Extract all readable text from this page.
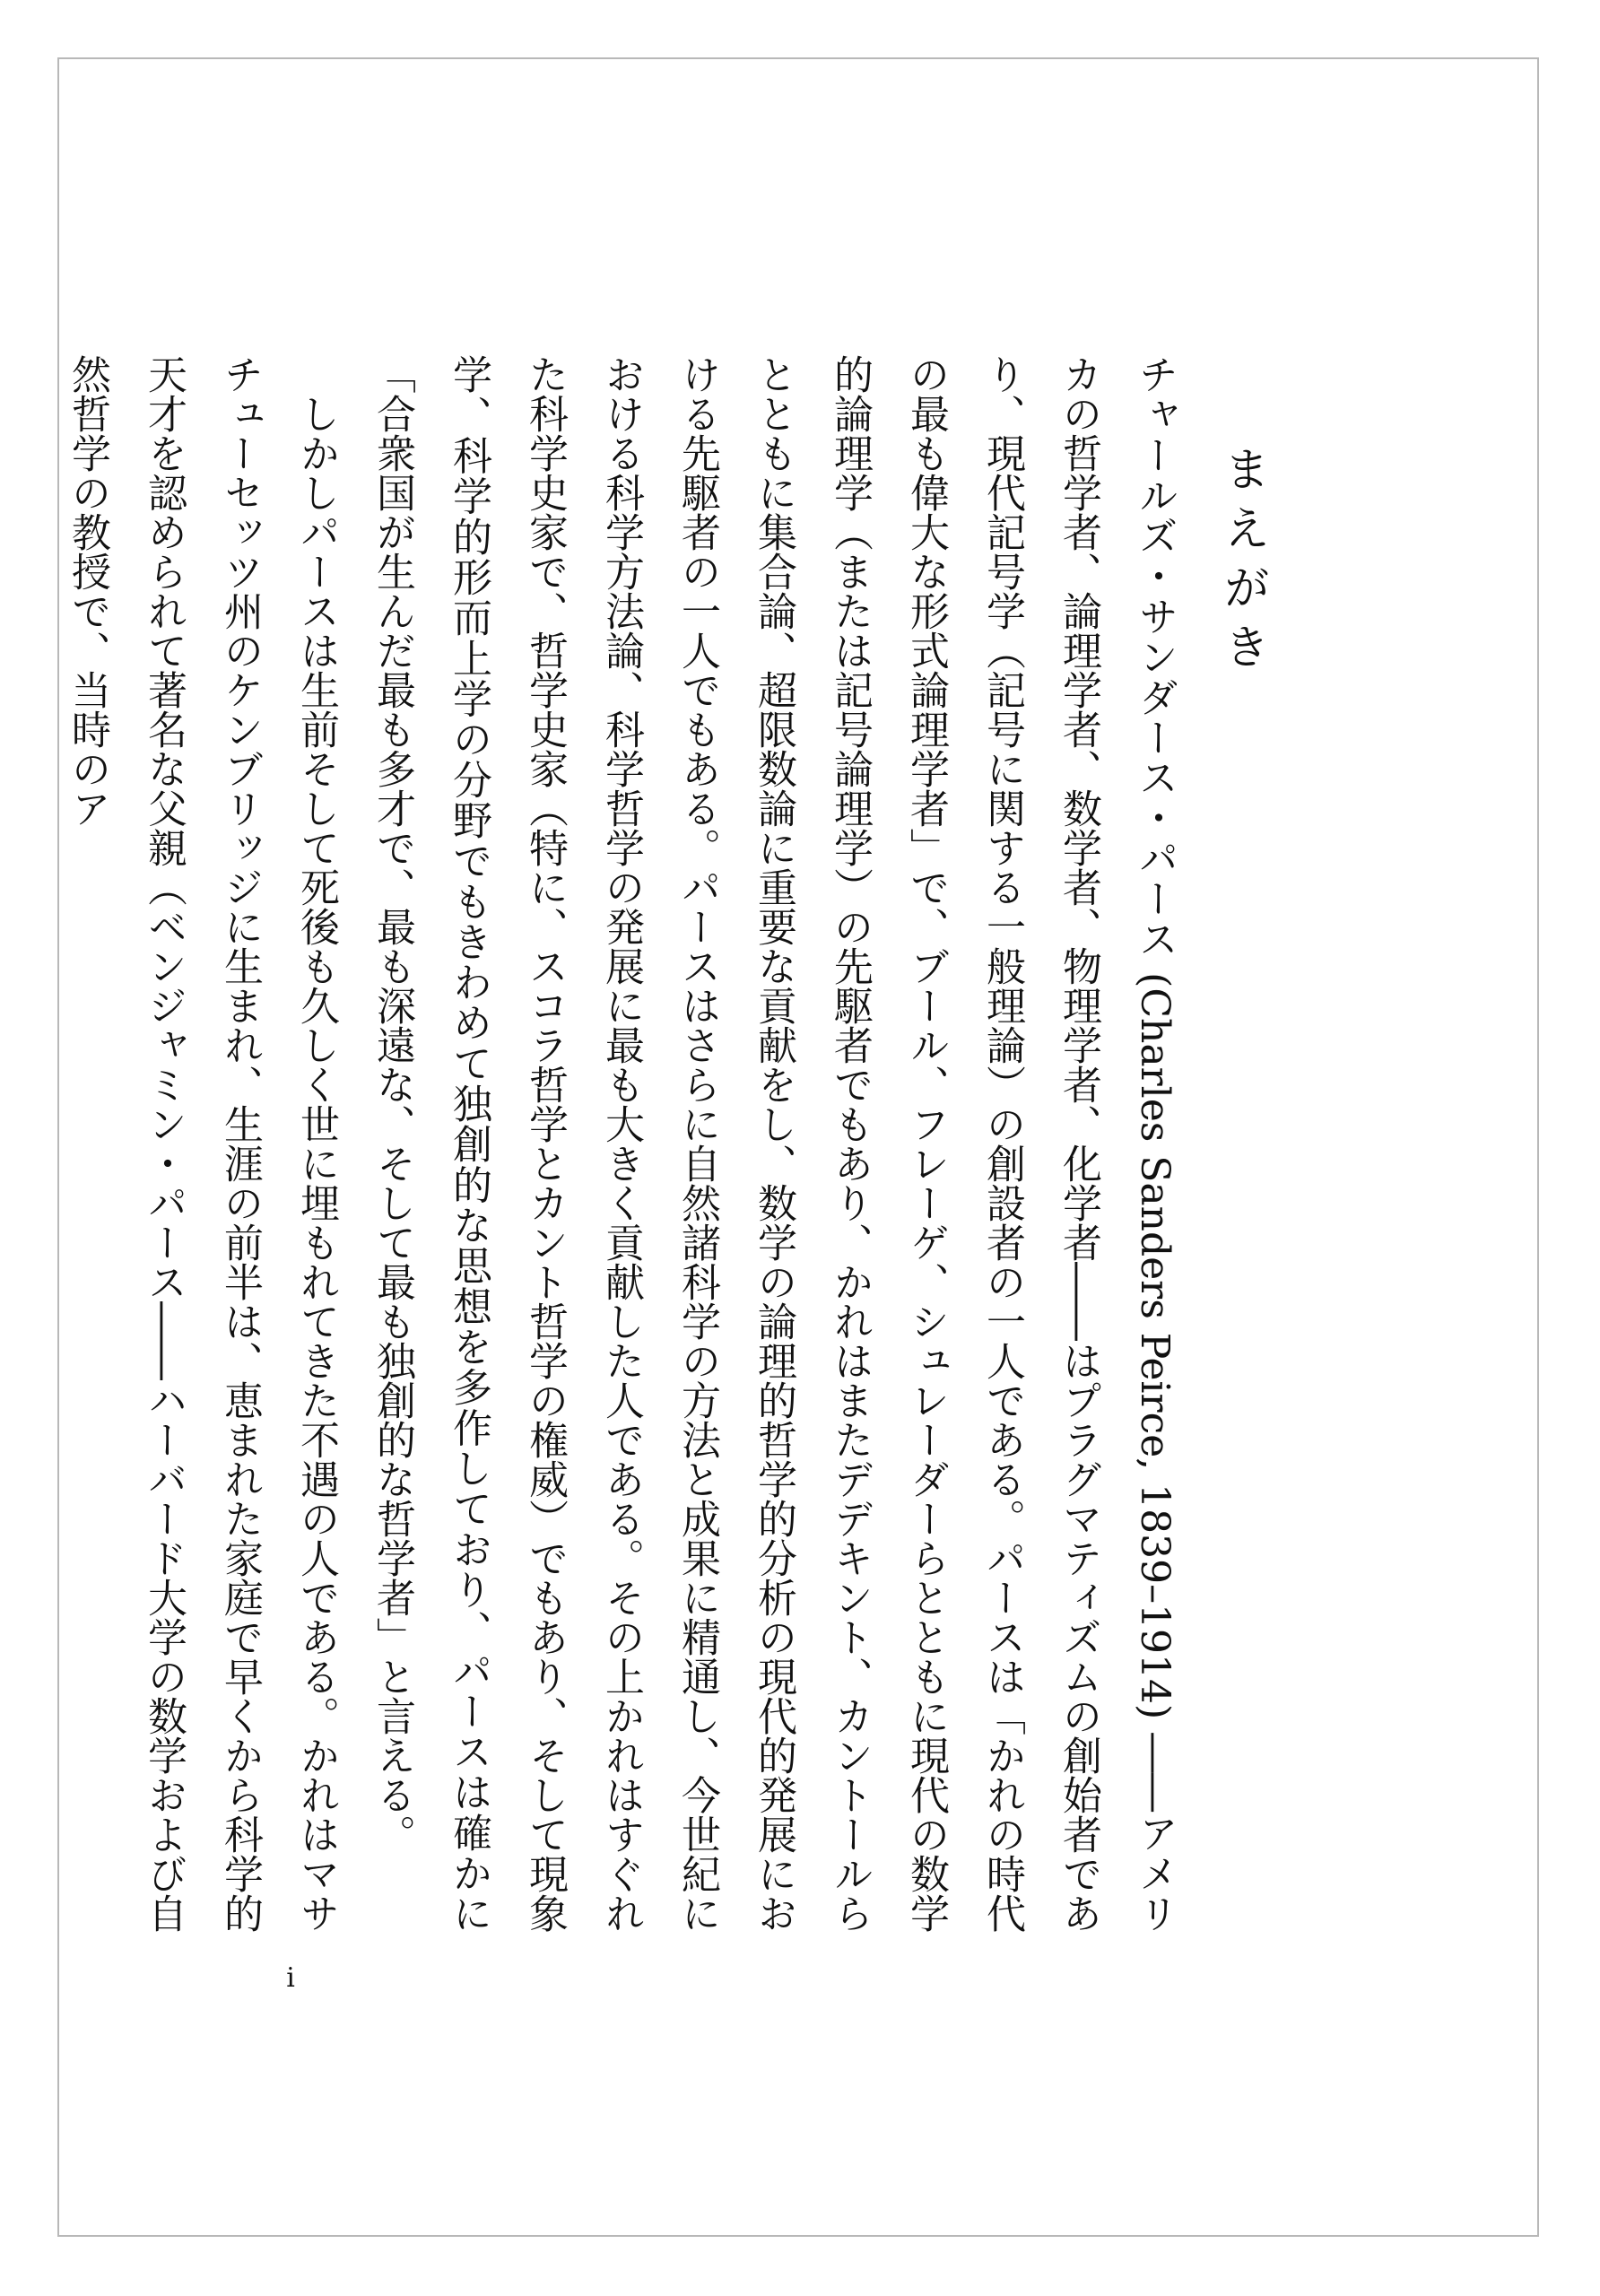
まえがき

チャールズ・サンダース・パース (Charles Sanders Peirce, 1839–1914) ――アメリカの哲学者、論理学者、数学者、物理学者、化学者――はプラグマティズムの創始者であり、現代記号学（記号に関する一般理論）の創設者の一人である。パースは「かれの時代の最も偉大な形式論理学者」で、ブール、フレーゲ、シュレーダーらとともに現代の数学的論理学（または記号論理学）の先駆者でもあり、かれはまたデデキント、カントールらとともに集合論、超限数論に重要な貢献をし、数学の論理的哲学的分析の現代的発展における先駆者の一人でもある。パースはさらに自然諸科学の方法と成果に精通し、今世紀における科学方法論、科学哲学の発展に最も大きく貢献した人である。その上かれはすぐれた科学史家で、哲学史家（特に、スコラ哲学とカント哲学の権威）でもあり、そして現象学、科学的形而上学の分野でもきわめて独創的な思想を多作しており、パースは確かに「合衆国が生んだ最も多才で、最も深遠な、そして最も独創的な哲学者」と言える。

しかしパースは生前そして死後も久しく世に埋もれてきた不遇の人である。かれはマサチューセッツ州のケンブリッジに生まれ、生涯の前半は、恵まれた家庭で早くから科学的天才を認められて著名な父親（ベンジャミン・パース――ハーバード大学の数学および自然哲学の教授で、当時のア

i
